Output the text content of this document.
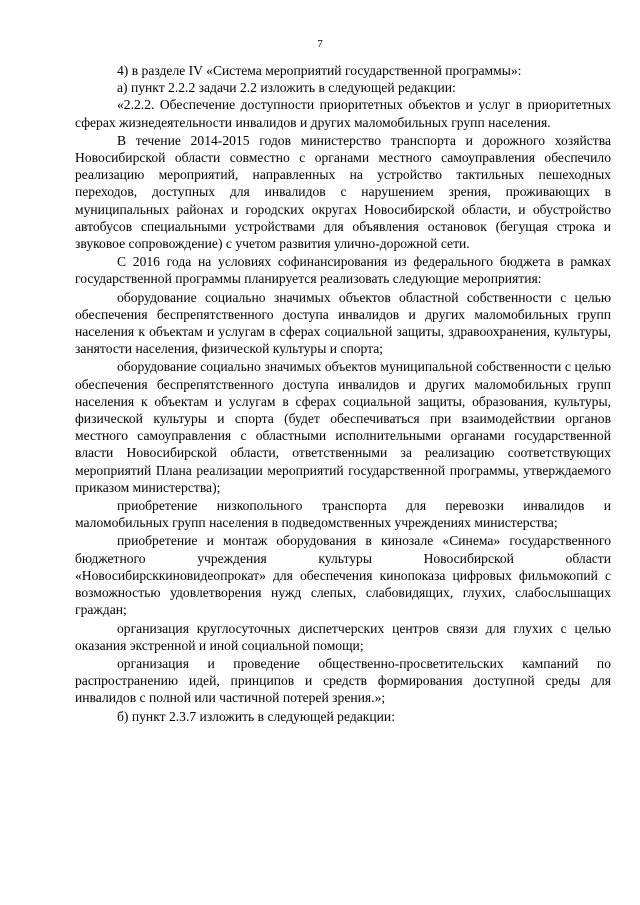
7

4) в разделе IV «Система мероприятий государственной программы»:

а) пункт 2.2.2 задачи 2.2 изложить в следующей редакции:

«2.2.2. Обеспечение доступности приоритетных объектов и услуг в приоритетных сферах жизнедеятельности инвалидов и других маломобильных групп населения.

В течение 2014-2015 годов министерство транспорта и дорожного хозяйства Новосибирской области совместно с органами местного самоуправления обеспечило реализацию мероприятий, направленных на устройство тактильных пешеходных переходов, доступных для инвалидов с нарушением зрения, проживающих в муниципальных районах и городских округах Новосибирской области, и обустройство автобусов специальными устройствами для объявления остановок (бегущая строка и звуковое сопровождение) с учетом развития улично-дорожной сети.

С 2016 года на условиях софинансирования из федерального бюджета в рамках государственной программы планируется реализовать следующие мероприятия:

оборудование социально значимых объектов областной собственности с целью обеспечения беспрепятственного доступа инвалидов и других маломобильных групп населения к объектам и услугам в сферах социальной защиты, здравоохранения, культуры, занятости населения, физической культуры и спорта;

оборудование социально значимых объектов муниципальной собственности с целью обеспечения беспрепятственного доступа инвалидов и других маломобильных групп населения к объектам и услугам в сферах социальной защиты, образования, культуры, физической культуры и спорта (будет обеспечиваться при взаимодействии органов местного самоуправления с областными исполнительными органами государственной власти Новосибирской области, ответственными за реализацию соответствующих мероприятий Плана реализации мероприятий государственной программы, утверждаемого приказом министерства);

приобретение низкопольного транспорта для перевозки инвалидов и маломобильных групп населения в подведомственных учреждениях министерства;

приобретение и монтаж оборудования в кинозале «Синема» государственного бюджетного учреждения культуры Новосибирской области «Новосибирсккиновидеопрокат» для обеспечения кинопоказа цифровых фильмокопий с возможностью удовлетворения нужд слепых, слабовидящих, глухих, слабослышащих граждан;

организация круглосуточных диспетчерских центров связи для глухих с целью оказания экстренной и иной социальной помощи;

организация и проведение общественно-просветительских кампаний по распространению идей, принципов и средств формирования доступной среды для инвалидов с полной или частичной потерей зрения.»;

б) пункт 2.3.7 изложить в следующей редакции:
